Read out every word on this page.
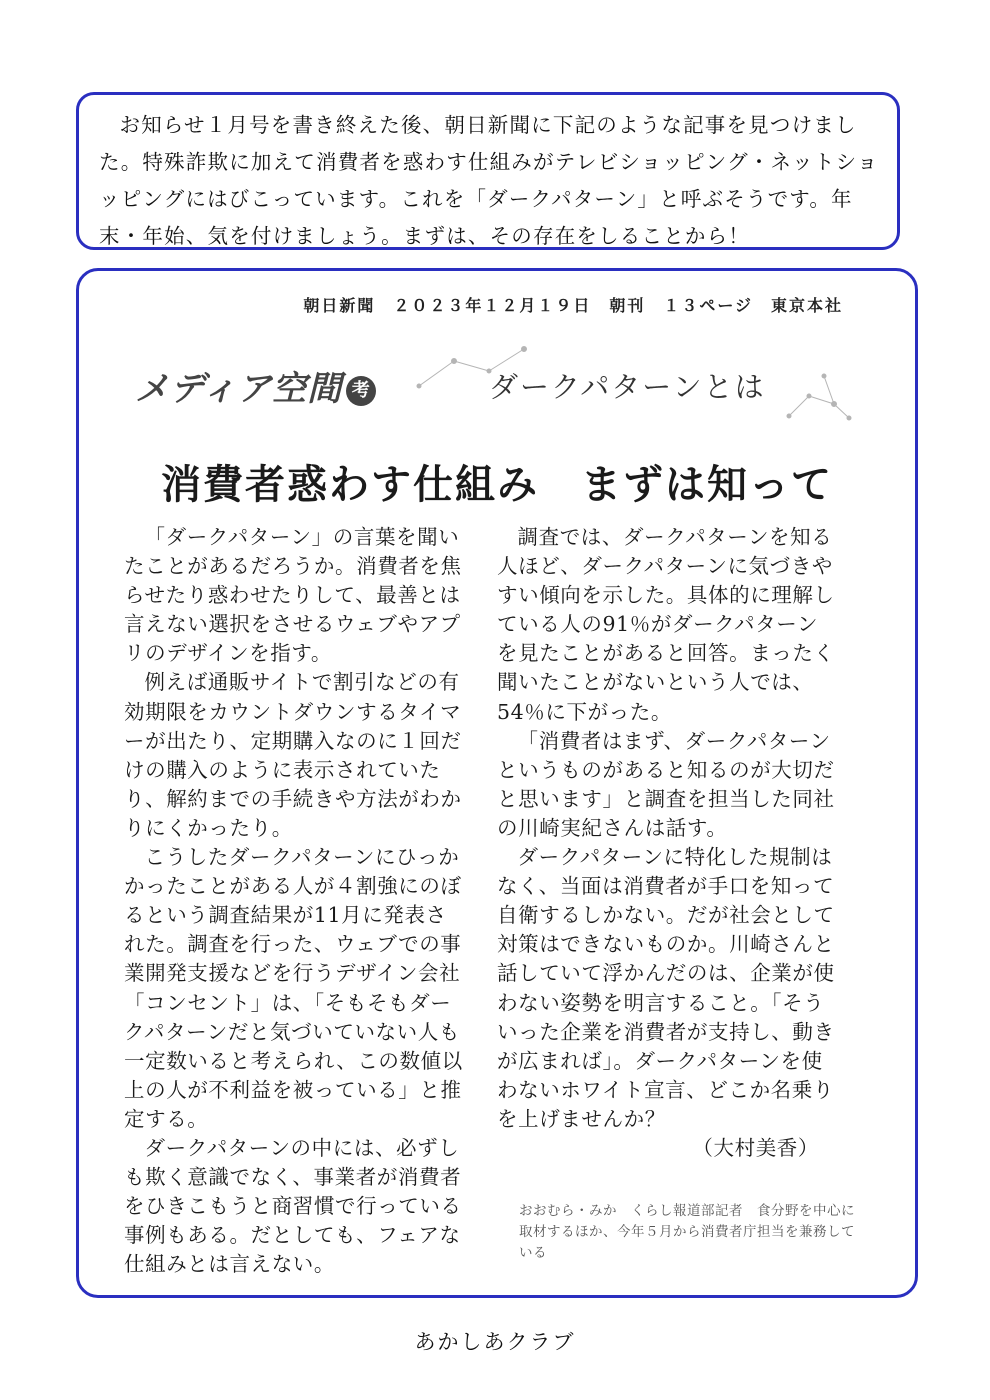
お知らせ１月号を書き終えた後、朝日新聞に下記のような記事を見つけました。特殊詐欺に加えて消費者を惑わす仕組みがテレビショッピング・ネットショッピングにはびこっています。これを「ダークパターン」と呼ぶそうです。年末・年始、気を付けましょう。まずは、その存在をしることから！

朝日新聞　２０２３年１２月１９日　朝刊　１３ページ　東京本社
メディア空間 考	ダークパターンとは
消費者惑わす仕組み　まずは知って

「ダークパターン」の言葉を聞いたことがあるだろうか。消費者を焦らせたり惑わせたりして、最善とは言えない選択をさせるウェブやアプリのデザインを指す。

例えば通販サイトで割引などの有効期限をカウントダウンするタイマーが出たり、定期購入なのに１回だけの購入のように表示されていたり、解約までの手続きや方法がわかりにくかったり。

こうしたダークパターンにひっかかったことがある人が４割強にのぼるという調査結果が11月に発表された。調査を行った、ウェブでの事業開発支援などを行うデザイン会社「コンセント」は、「そもそもダークパターンだと気づいていない人も一定数いると考えられ、この数値以上の人が不利益を被っている」と推定する。

ダークパターンの中には、必ずしも欺く意識でなく、事業者が消費者をひきこもうと商習慣で行っている事例もある。だとしても、フェアな仕組みとは言えない。

調査では、ダークパターンを知る人ほど、ダークパターンに気づきやすい傾向を示した。具体的に理解している人の91％がダークパターンを見たことがあると回答。まったく聞いたことがないという人では、54％に下がった。

「消費者はまず、ダークパターンというものがあると知るのが大切だと思います」と調査を担当した同社の川崎実紀さんは話す。

ダークパターンに特化した規制はなく、当面は消費者が手口を知って自衛するしかない。だが社会として対策はできないものか。川崎さんと話していて浮かんだのは、企業が使わない姿勢を明言すること。「そういった企業を消費者が支持し、動きが広まれば」。ダークパターンを使わないホワイト宣言、どこか名乗りを上げませんか？

（大村美香）
おおむら・みか　くらし報道部記者　食分野を中心に取材するほか、今年５月から消費者庁担当を兼務している
あかしあクラブ
